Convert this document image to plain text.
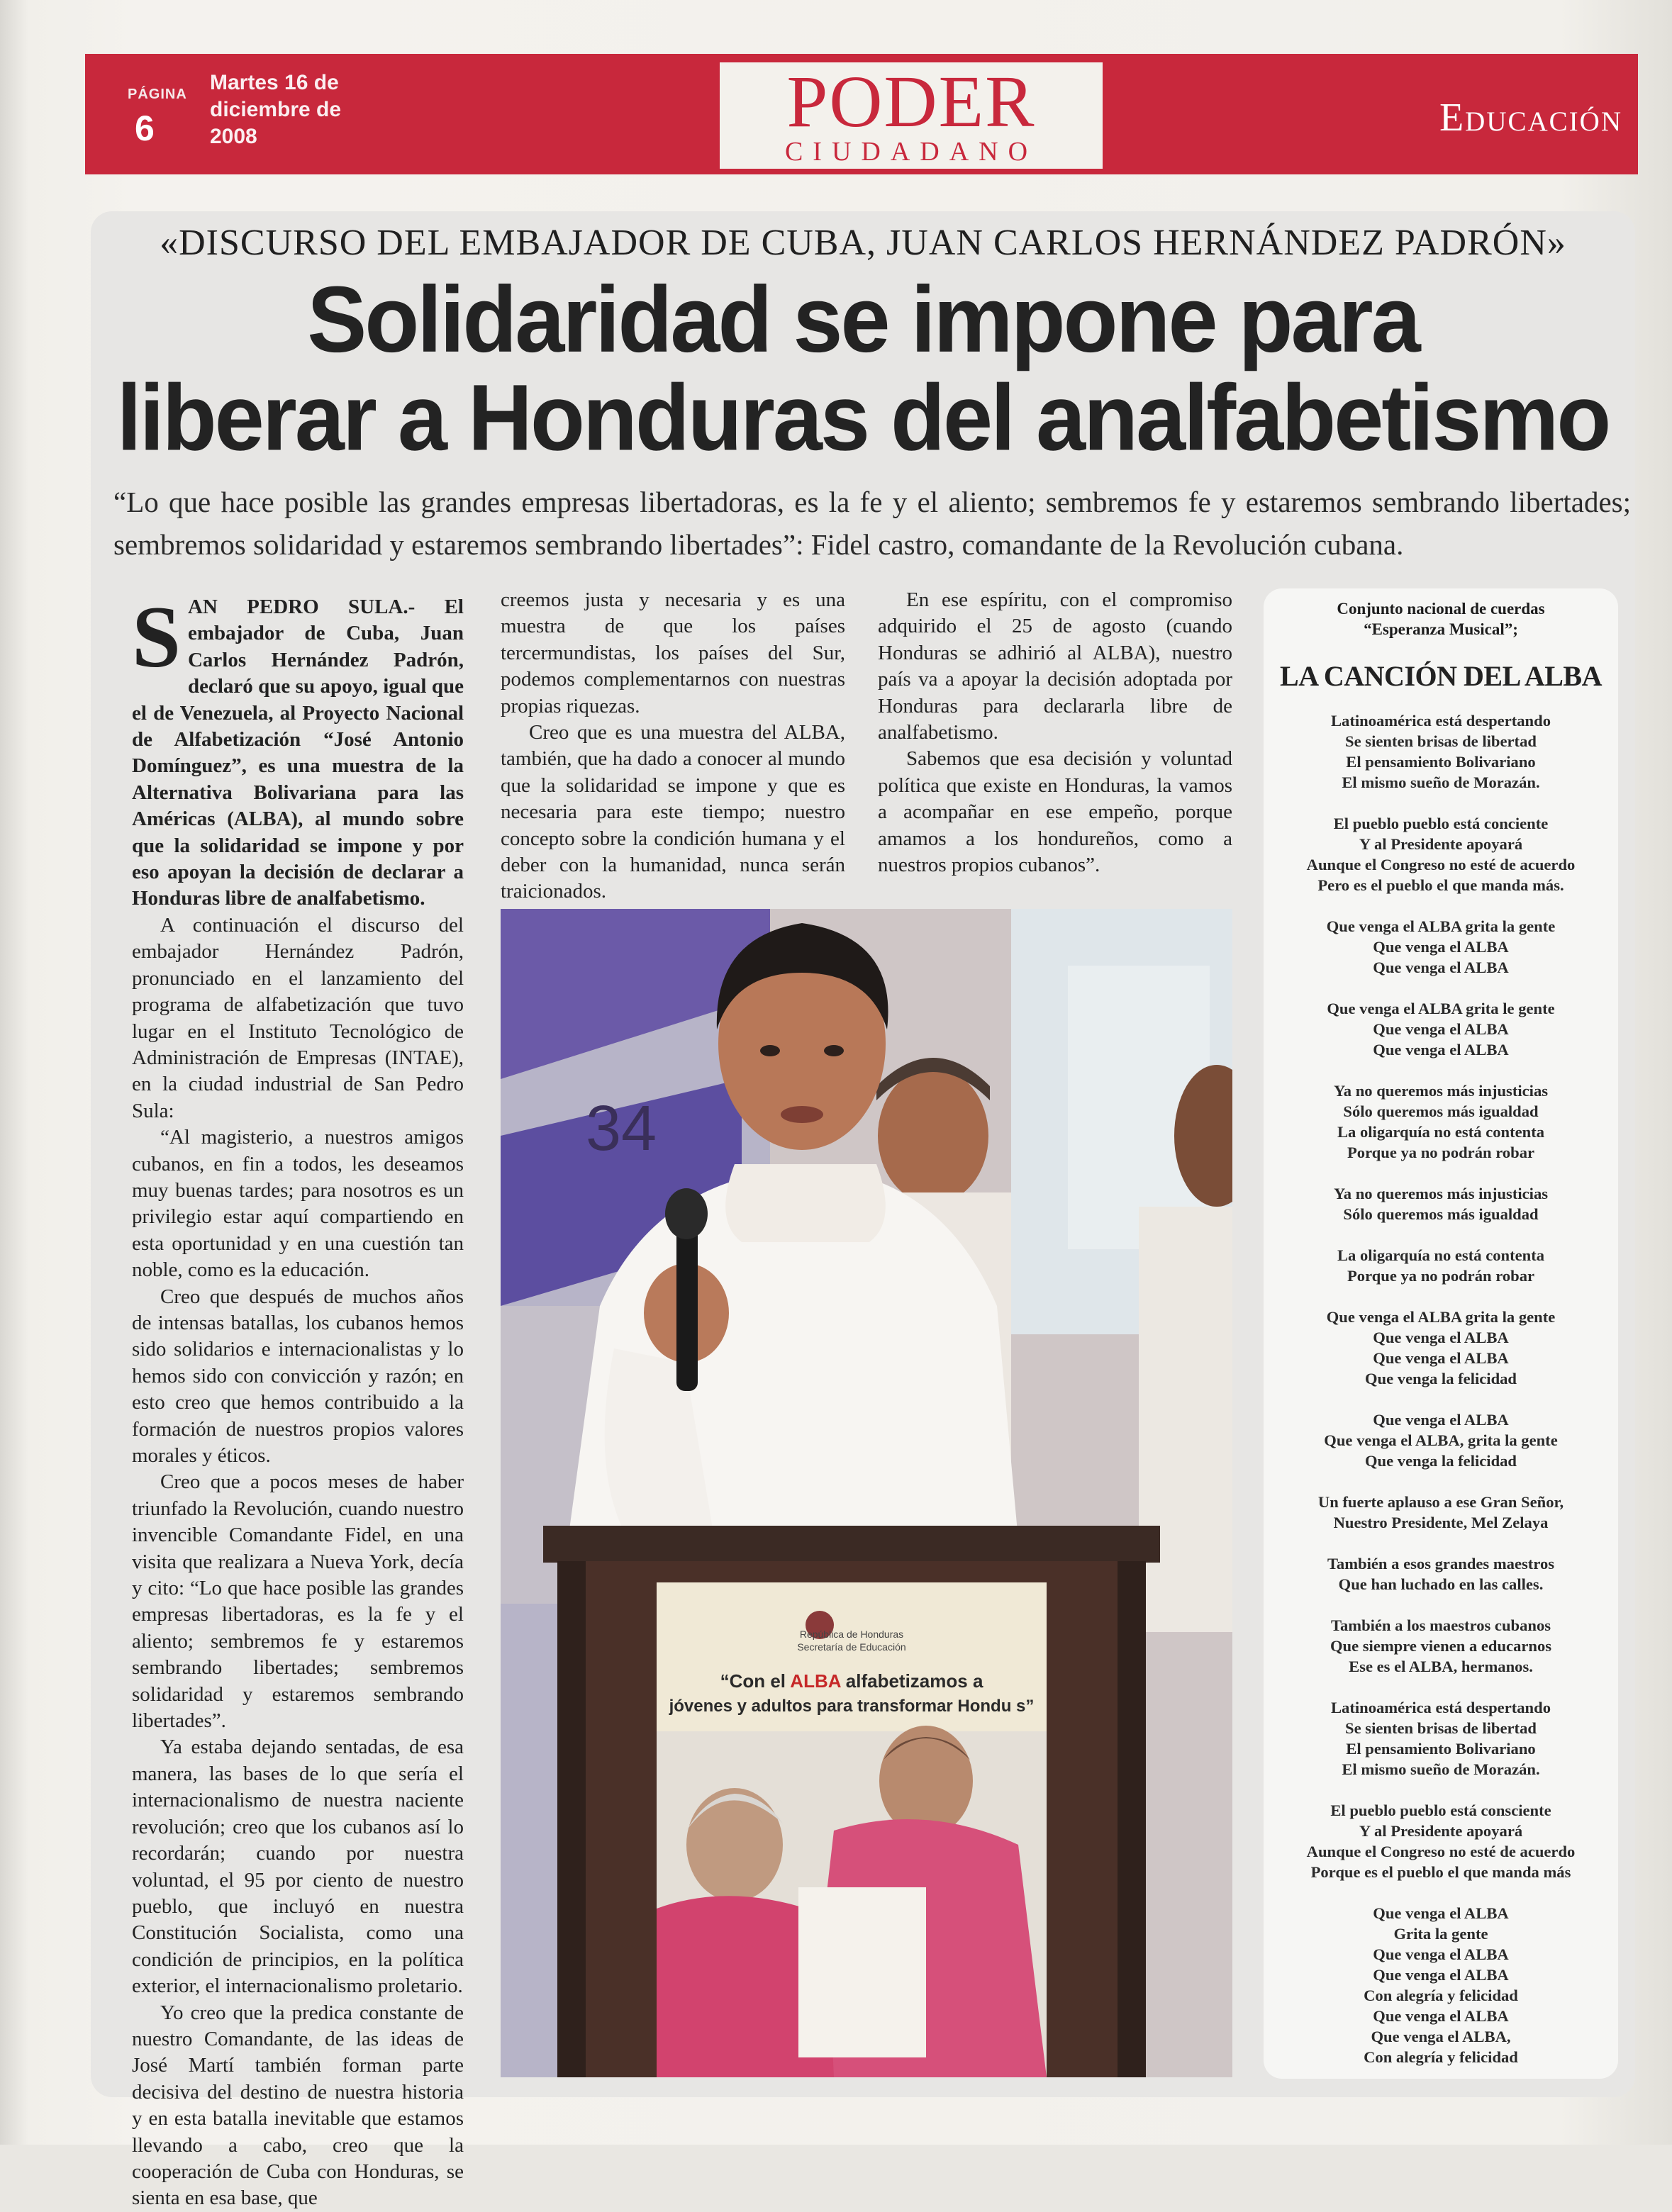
PÁGINA
6
Martes 16 de
diciembre de
2008	PODER
CIUDADANO
Educación
«DISCURSO DEL EMBAJADOR DE CUBA, JUAN CARLOS HERNÁNDEZ PADRÓN»
Solidaridad se impone para
liberar a Honduras del analfabetismo
“Lo que hace posible las grandes empresas libertadoras, es la fe y el aliento; sembremos fe y estaremos sembrando libertades; sembremos solidaridad y estaremos sembrando libertades”: Fidel castro, comandante de la Revolución cubana.

SAN PEDRO SULA.- El embajador de Cuba, Juan Carlos Hernández Padrón, declaró que su apoyo, igual que el de Venezuela, al Proyecto Nacional de Alfabetización “José Antonio Domínguez”, es una muestra de la Alternativa Bolivariana para las Américas (ALBA), al mundo sobre que la solidaridad se impone y por eso apoyan la decisión de declarar a Honduras libre de analfabetismo.

A continuación el discurso del embajador Hernández Padrón, pronunciado en el lanzamiento del programa de alfabetización que tuvo lugar en el Instituto Tecnológico de Administración de Empresas (INTAE), en la ciudad industrial de San Pedro Sula:

“Al magisterio, a nuestros amigos cubanos, en fin a todos, les deseamos muy buenas tardes; para nosotros es un privilegio estar aquí compartiendo en esta oportunidad y en una cuestión tan noble, como es la educación.

Creo que después de muchos años de intensas batallas, los cubanos hemos sido solidarios e internacionalistas y lo hemos sido con convicción y razón; en esto creo que hemos contribuido a la formación de nuestros propios valores morales y éticos.

Creo que a pocos meses de haber triunfado la Revolución, cuando nuestro invencible Comandante Fidel, en una visita que realizara a Nueva York, decía y cito: “Lo que hace posible las grandes empresas libertadoras, es la fe y el aliento; sembremos fe y estaremos sembrando libertades; sembremos solidaridad y estaremos sembrando libertades”.

Ya estaba dejando sentadas, de esa manera, las bases de lo que sería el internacionalismo de nuestra naciente revolución; creo que los cubanos así lo recordarán; cuando por nuestra voluntad, el 95 por ciento de nuestro pueblo, que incluyó en nuestra Constitución Socialista, como una condición de principios, en la política exterior, el internacionalismo proletario.

Yo creo que la predica constante de nuestro Comandante, de las ideas de José Martí también forman parte decisiva del destino de nuestra historia y en esta batalla inevitable que estamos llevando a cabo, creo que la cooperación de Cuba con Honduras, se sienta en esa base, que

creemos justa y necesaria y es una muestra de que los países tercermundistas, los países del Sur, podemos complementarnos con nuestras propias riquezas.

Creo que es una muestra del ALBA, también, que ha dado a conocer al mundo que la solidaridad se impone y que es necesaria para este tiempo; nuestro concepto sobre la condición humana y el deber con la humanidad, nunca serán traicionados.

En ese espíritu, con el compromiso adquirido el 25 de agosto (cuando Honduras se adhirió al ALBA), nuestro país va a apoyar la decisión adoptada por Honduras para declararla libre de analfabetismo.

Sabemos que esa decisión y voluntad política que existe en Honduras, la vamos a acompañar en ese empeño, porque amamos a los hondureños, como a nuestros propios cubanos”.

34
República de Honduras
Secretaría de Educación
“Con el ALBA alfabetizamos a
jóvenes y adultos para transformar Hondu s”
Conjunto nacional de cuerdas
“Esperanza Musical”;
LA CANCIÓN DEL ALBA
Latinoamérica está despertando
Se sienten brisas de libertad
El pensamiento Bolivariano
El mismo sueño de Morazán.
El pueblo pueblo está conciente
Y al Presidente apoyará
Aunque el Congreso no esté de acuerdo
Pero es el pueblo el que manda más.
Que venga el ALBA grita la gente
Que venga el ALBA
Que venga el ALBA
Que venga el ALBA grita le gente
Que venga el ALBA
Que venga el ALBA
Ya no queremos más injusticias
Sólo queremos más igualdad
La oligarquía no está contenta
Porque ya no podrán robar
Ya no queremos más injusticias
Sólo queremos más igualdad
La oligarquía no está contenta
Porque ya no podrán robar
Que venga el ALBA grita la gente
Que venga el ALBA
Que venga el ALBA
Que venga la felicidad
Que venga el ALBA
Que venga el ALBA, grita la gente
Que venga la felicidad
Un fuerte aplauso a ese Gran Señor,
Nuestro Presidente, Mel Zelaya
También a esos grandes maestros
Que han luchado en las calles.
También a los maestros cubanos
Que siempre vienen a educarnos
Ese es el ALBA, hermanos.
Latinoamérica está despertando
Se sienten brisas de libertad
El pensamiento Bolivariano
El mismo sueño de Morazán.
El pueblo pueblo está consciente
Y al Presidente apoyará
Aunque el Congreso no esté de acuerdo
Porque es el pueblo el que manda más
Que venga el ALBA
Grita la gente
Que venga el ALBA
Que venga el ALBA
Con alegría y felicidad
Que venga el ALBA
Que venga el ALBA,
Con alegría y felicidad
